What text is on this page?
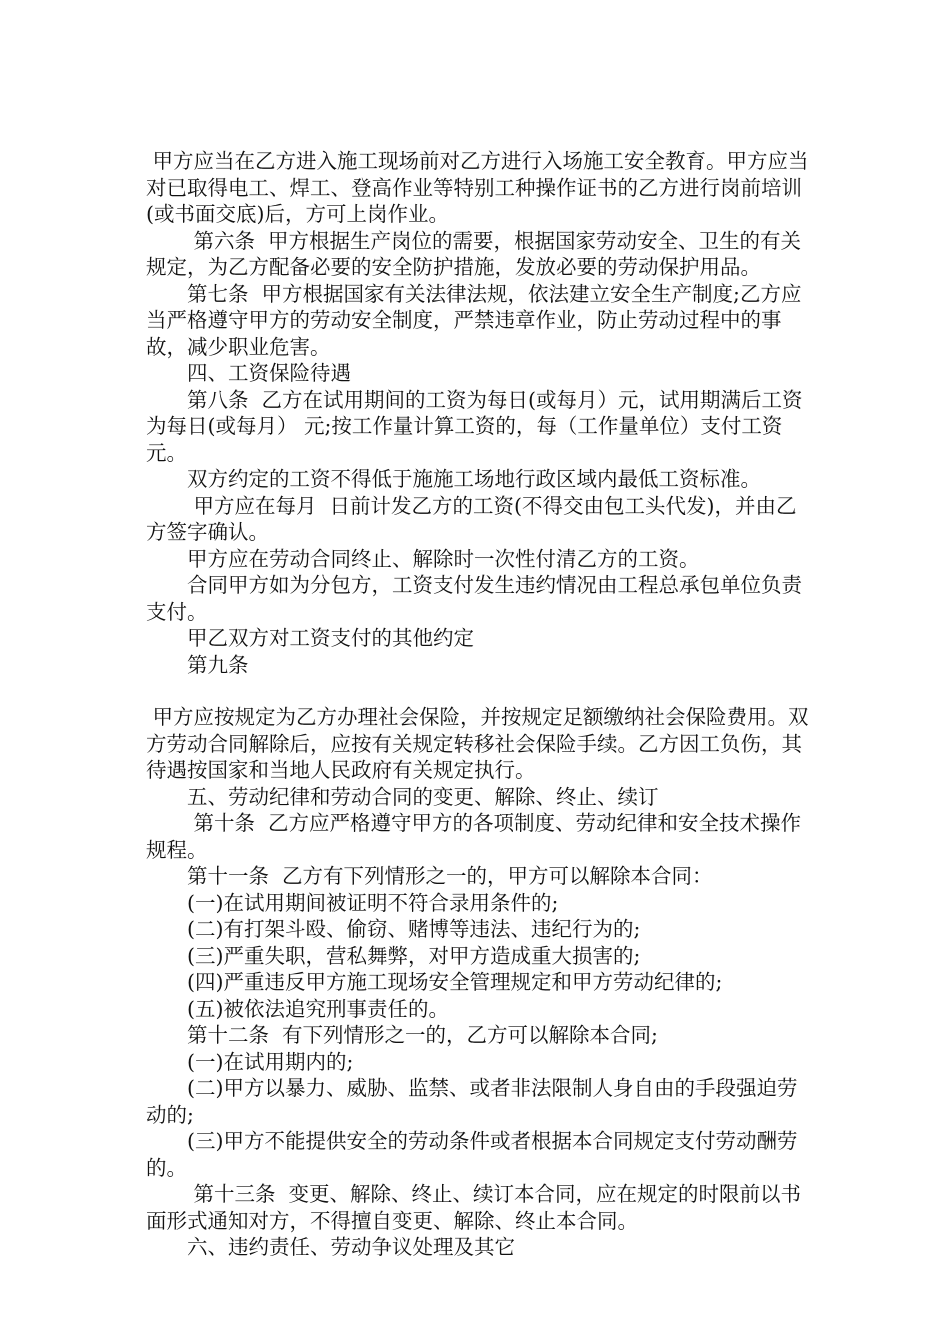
甲方应当在乙方进入施工现场前对乙方进行入场施工安全教育。甲方应当对已取得电工、焊工、登高作业等特别工种操作证书的乙方进行岗前培训(或书面交底)后，方可上岗作业。

　　 第六条  甲方根据生产岗位的需要，根据国家劳动安全、卫生的有关规定，为乙方配备必要的安全防护措施，发放必要的劳动保护用品。

　　第七条  甲方根据国家有关法律法规，依法建立安全生产制度;乙方应当严格遵守甲方的劳动安全制度，严禁违章作业，防止劳动过程中的事故，减少职业危害。

　　四、工资保险待遇

　　第八条  乙方在试用期间的工资为每日(或每月）元，试用期满后工资为每日(或每月） 元;按工作量计算工资的，每（工作量单位）支付工资  元。

　　双方约定的工资不得低于施施工场地行政区域内最低工资标准。

　　 甲方应在每月  日前计发乙方的工资(不得交由包工头代发)，并由乙方签字确认。

　　甲方应在劳动合同终止、解除时一次性付清乙方的工资。

　　合同甲方如为分包方，工资支付发生违约情况由工程总承包单位负责支付。

　　甲乙双方对工资支付的其他约定

　　第九条

甲方应按规定为乙方办理社会保险，并按规定足额缴纳社会保险费用。双方劳动合同解除后，应按有关规定转移社会保险手续。乙方因工负伤，其待遇按国家和当地人民政府有关规定执行。

　　五、劳动纪律和劳动合同的变更、解除、终止、续订

　　 第十条  乙方应严格遵守甲方的各项制度、劳动纪律和安全技术操作规程。

　　第十一条  乙方有下列情形之一的，甲方可以解除本合同：

　　(一)在试用期间被证明不符合录用条件的;

　　(二)有打架斗殴、偷窃、赌博等违法、违纪行为的;

　　(三)严重失职，营私舞弊，对甲方造成重大损害的;

　　(四)严重违反甲方施工现场安全管理规定和甲方劳动纪律的;

　　(五)被依法追究刑事责任的。

　　第十二条  有下列情形之一的，乙方可以解除本合同;

　　(一)在试用期内的;

　　(二)甲方以暴力、威胁、监禁、或者非法限制人身自由的手段强迫劳动的;

　　(三)甲方不能提供安全的劳动条件或者根据本合同规定支付劳动酬劳的。

　　 第十三条  变更、解除、终止、续订本合同，应在规定的时限前以书面形式通知对方，不得擅自变更、解除、终止本合同。

　　六、违约责任、劳动争议处理及其它
